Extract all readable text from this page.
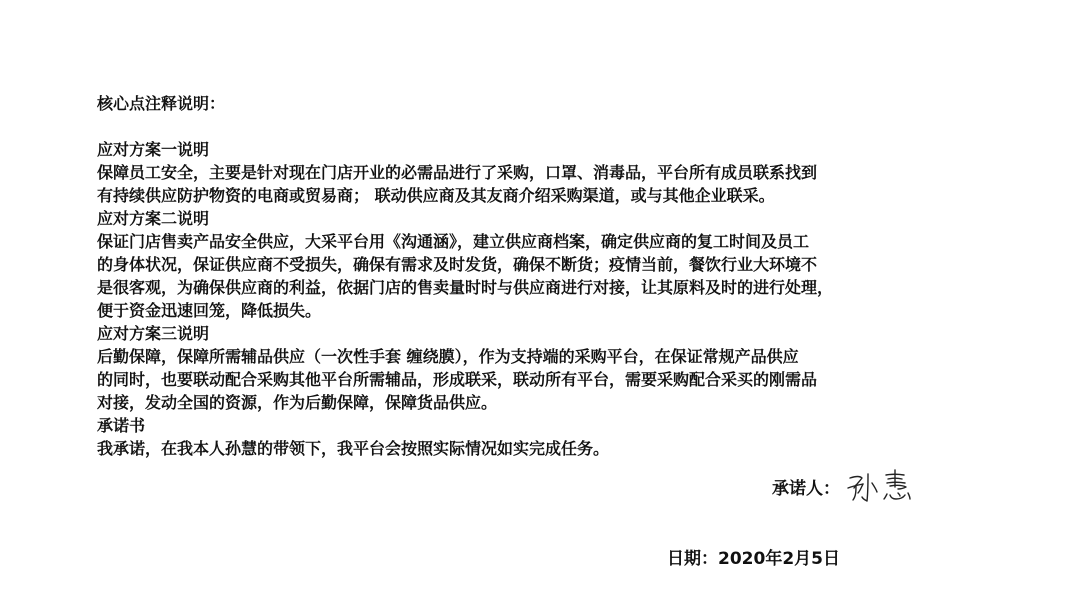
核心点注释说明：
应对方案一说明
保障员工安全，主要是针对现在门店开业的必需品进行了采购，口罩、消毒品，平台所有成员联系找到
有持续供应防护物资的电商或贸易商； 联动供应商及其友商介绍采购渠道，或与其他企业联采。
应对方案二说明
保证门店售卖产品安全供应，大采平台用《沟通涵》，建立供应商档案，确定供应商的复工时间及员工
的身体状况，保证供应商不受损失，确保有需求及时发货，确保不断货；疫情当前，餐饮行业大环境不
是很客观，为确保供应商的利益，依据门店的售卖量时时与供应商进行对接，让其原料及时的进行处理，
便于资金迅速回笼，降低损失。
应对方案三说明
后勤保障，保障所需辅品供应（一次性手套 缠绕膜），作为支持端的采购平台，在保证常规产品供应
的同时，也要联动配合采购其他平台所需辅品，形成联采，联动所有平台，需要采购配合采买的刚需品
对接，发动全国的资源，作为后勤保障，保障货品供应。
承诺书
我承诺，在我本人孙慧的带领下，我平台会按照实际情况如实完成任务。
承诺人：
日期：2020年2月5日
